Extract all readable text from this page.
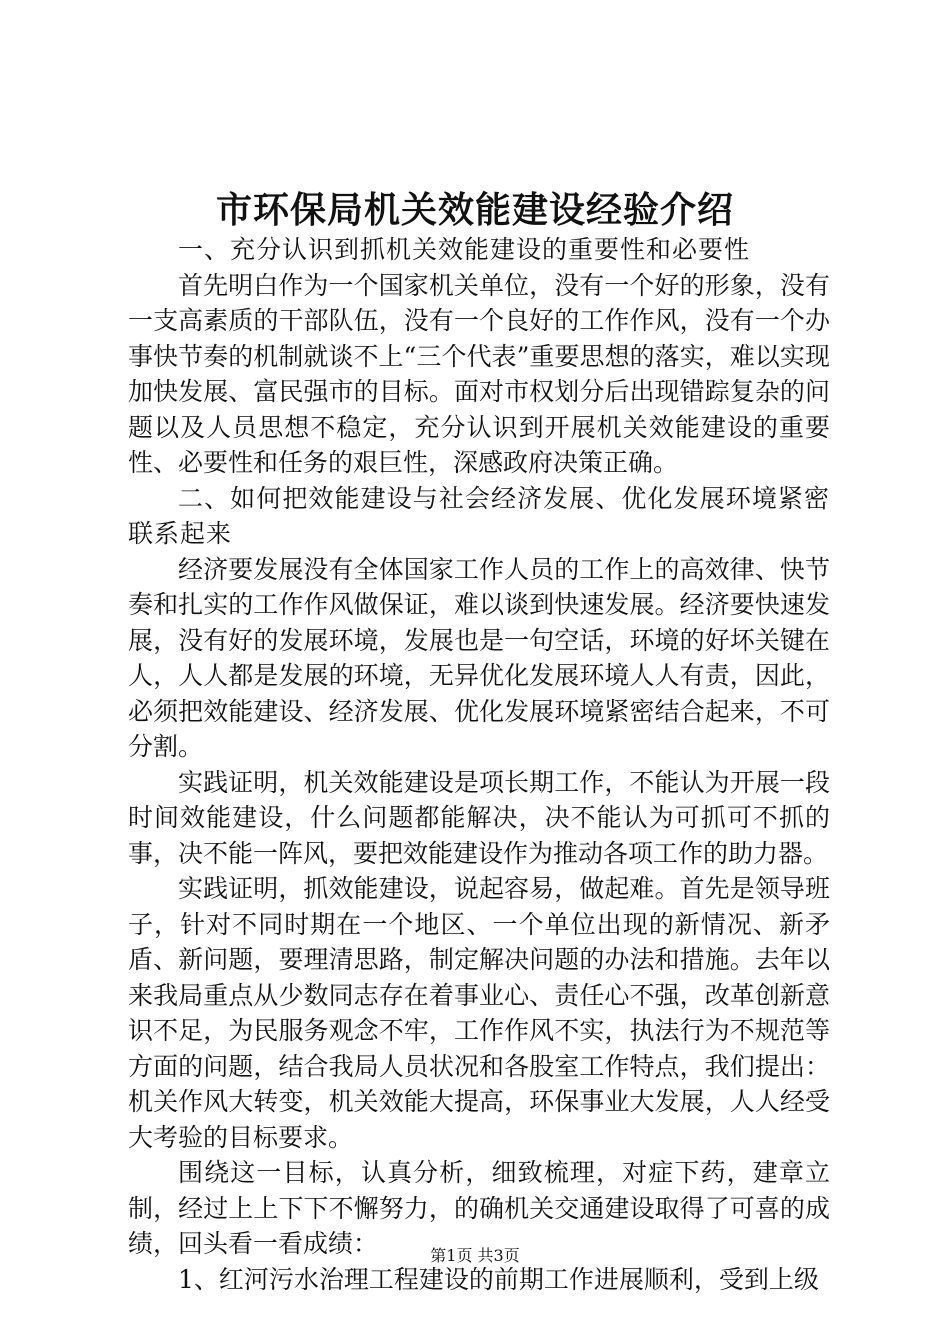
市环保局机关效能建设经验介绍

一、充分认识到抓机关效能建设的重要性和必要性

首先明白作为一个国家机关单位，没有一个好的形象，没有一支高素质的干部队伍，没有一个良好的工作作风，没有一个办事快节奏的机制就谈不上“三个代表”重要思想的落实，难以实现加快发展、富民强市的目标。面对市权划分后出现错踪复杂的问题以及人员思想不稳定，充分认识到开展机关效能建设的重要性、必要性和任务的艰巨性，深感政府决策正确。

二、如何把效能建设与社会经济发展、优化发展环境紧密联系起来

经济要发展没有全体国家工作人员的工作上的高效律、快节奏和扎实的工作作风做保证，难以谈到快速发展。经济要快速发展，没有好的发展环境，发展也是一句空话，环境的好坏关键在人，人人都是发展的环境，无异优化发展环境人人有责，因此，必须把效能建设、经济发展、优化发展环境紧密结合起来，不可分割。

实践证明，机关效能建设是项长期工作，不能认为开展一段时间效能建设，什么问题都能解决，决不能认为可抓可不抓的事，决不能一阵风，要把效能建设作为推动各项工作的助力器。

实践证明，抓效能建设，说起容易，做起难。首先是领导班子，针对不同时期在一个地区、一个单位出现的新情况、新矛盾、新问题，要理清思路，制定解决问题的办法和措施。去年以来我局重点从少数同志存在着事业心、责任心不强，改革创新意识不足，为民服务观念不牢，工作作风不实，执法行为不规范等方面的问题，结合我局人员状况和各股室工作特点，我们提出：机关作风大转变，机关效能大提高，环保事业大发展，人人经受大考验的目标要求。

围绕这一目标，认真分析，细致梳理，对症下药，建章立制，经过上上下下不懈努力，的确机关交通建设取得了可喜的成绩，回头看一看成绩：

1、红河污水治理工程建设的前期工作进展顺利，受到上级

第1页 共3页
